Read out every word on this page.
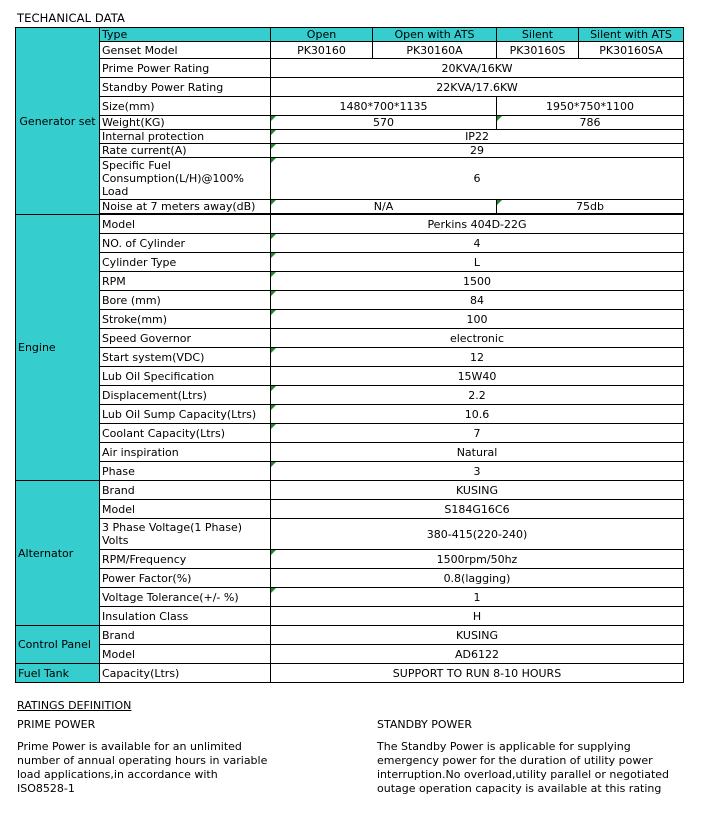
TECHANICAL DATA
Generator set	Type	Open	Open with ATS	Silent	Silent with ATS
	Genset Model	PK30160	PK30160A	PK30160S	PK30160SA
	Prime Power Rating	20KVA/16KW			
	Standby Power Rating	22KVA/17.6KW			
	Size(mm)	1480*700*1135		1950*750*1100	
	Weight(KG)	570		786	
	Internal protection	IP22			
	Rate current(A)	29			
	Specific Fuel Consumption(L/H)@100% Load	6			
	Noise at 7 meters away(dB)	N/A		75db	

Engine	Model	Perkins 404D-22G			
	NO. of Cylinder	4			
	Cylinder Type	L			
	RPM	1500			
	Bore (mm)	84			
	Stroke(mm)	100			
	Speed Governor	electronic			
	Start system(VDC)	12			
	Lub Oil Specification	15W40			
	Displacement(Ltrs)	2.2			
	Lub Oil Sump Capacity(Ltrs)	10.6			
	Coolant Capacity(Ltrs)	7			
	Air inspiration	Natural			
	Phase	3			
Alternator	Brand	KUSING			
	Model	S184G16C6			
	3 Phase Voltage(1 Phase) Volts	380-415(220-240)			
	RPM/Frequency	1500rpm/50hz			
	Power Factor(%)	0.8(lagging)			
	Voltage Tolerance(+/- %)	1			
	Insulation Class	H			
Control Panel	Brand	KUSING			
	Model	AD6122			
Fuel Tank	Capacity(Ltrs)	SUPPORT TO RUN 8-10 HOURS			
RATINGS DEFINITION
PRIME POWER	STANDBY POWER
Prime Power is available for an unlimited number of annual operating hours in variable load applications,in accordance with ISO8528-1
The Standby Power is applicable for supplying emergency power for the duration of utility power interruption.No overload,utility parallel or negotiated outage operation capacity is available at this rating
